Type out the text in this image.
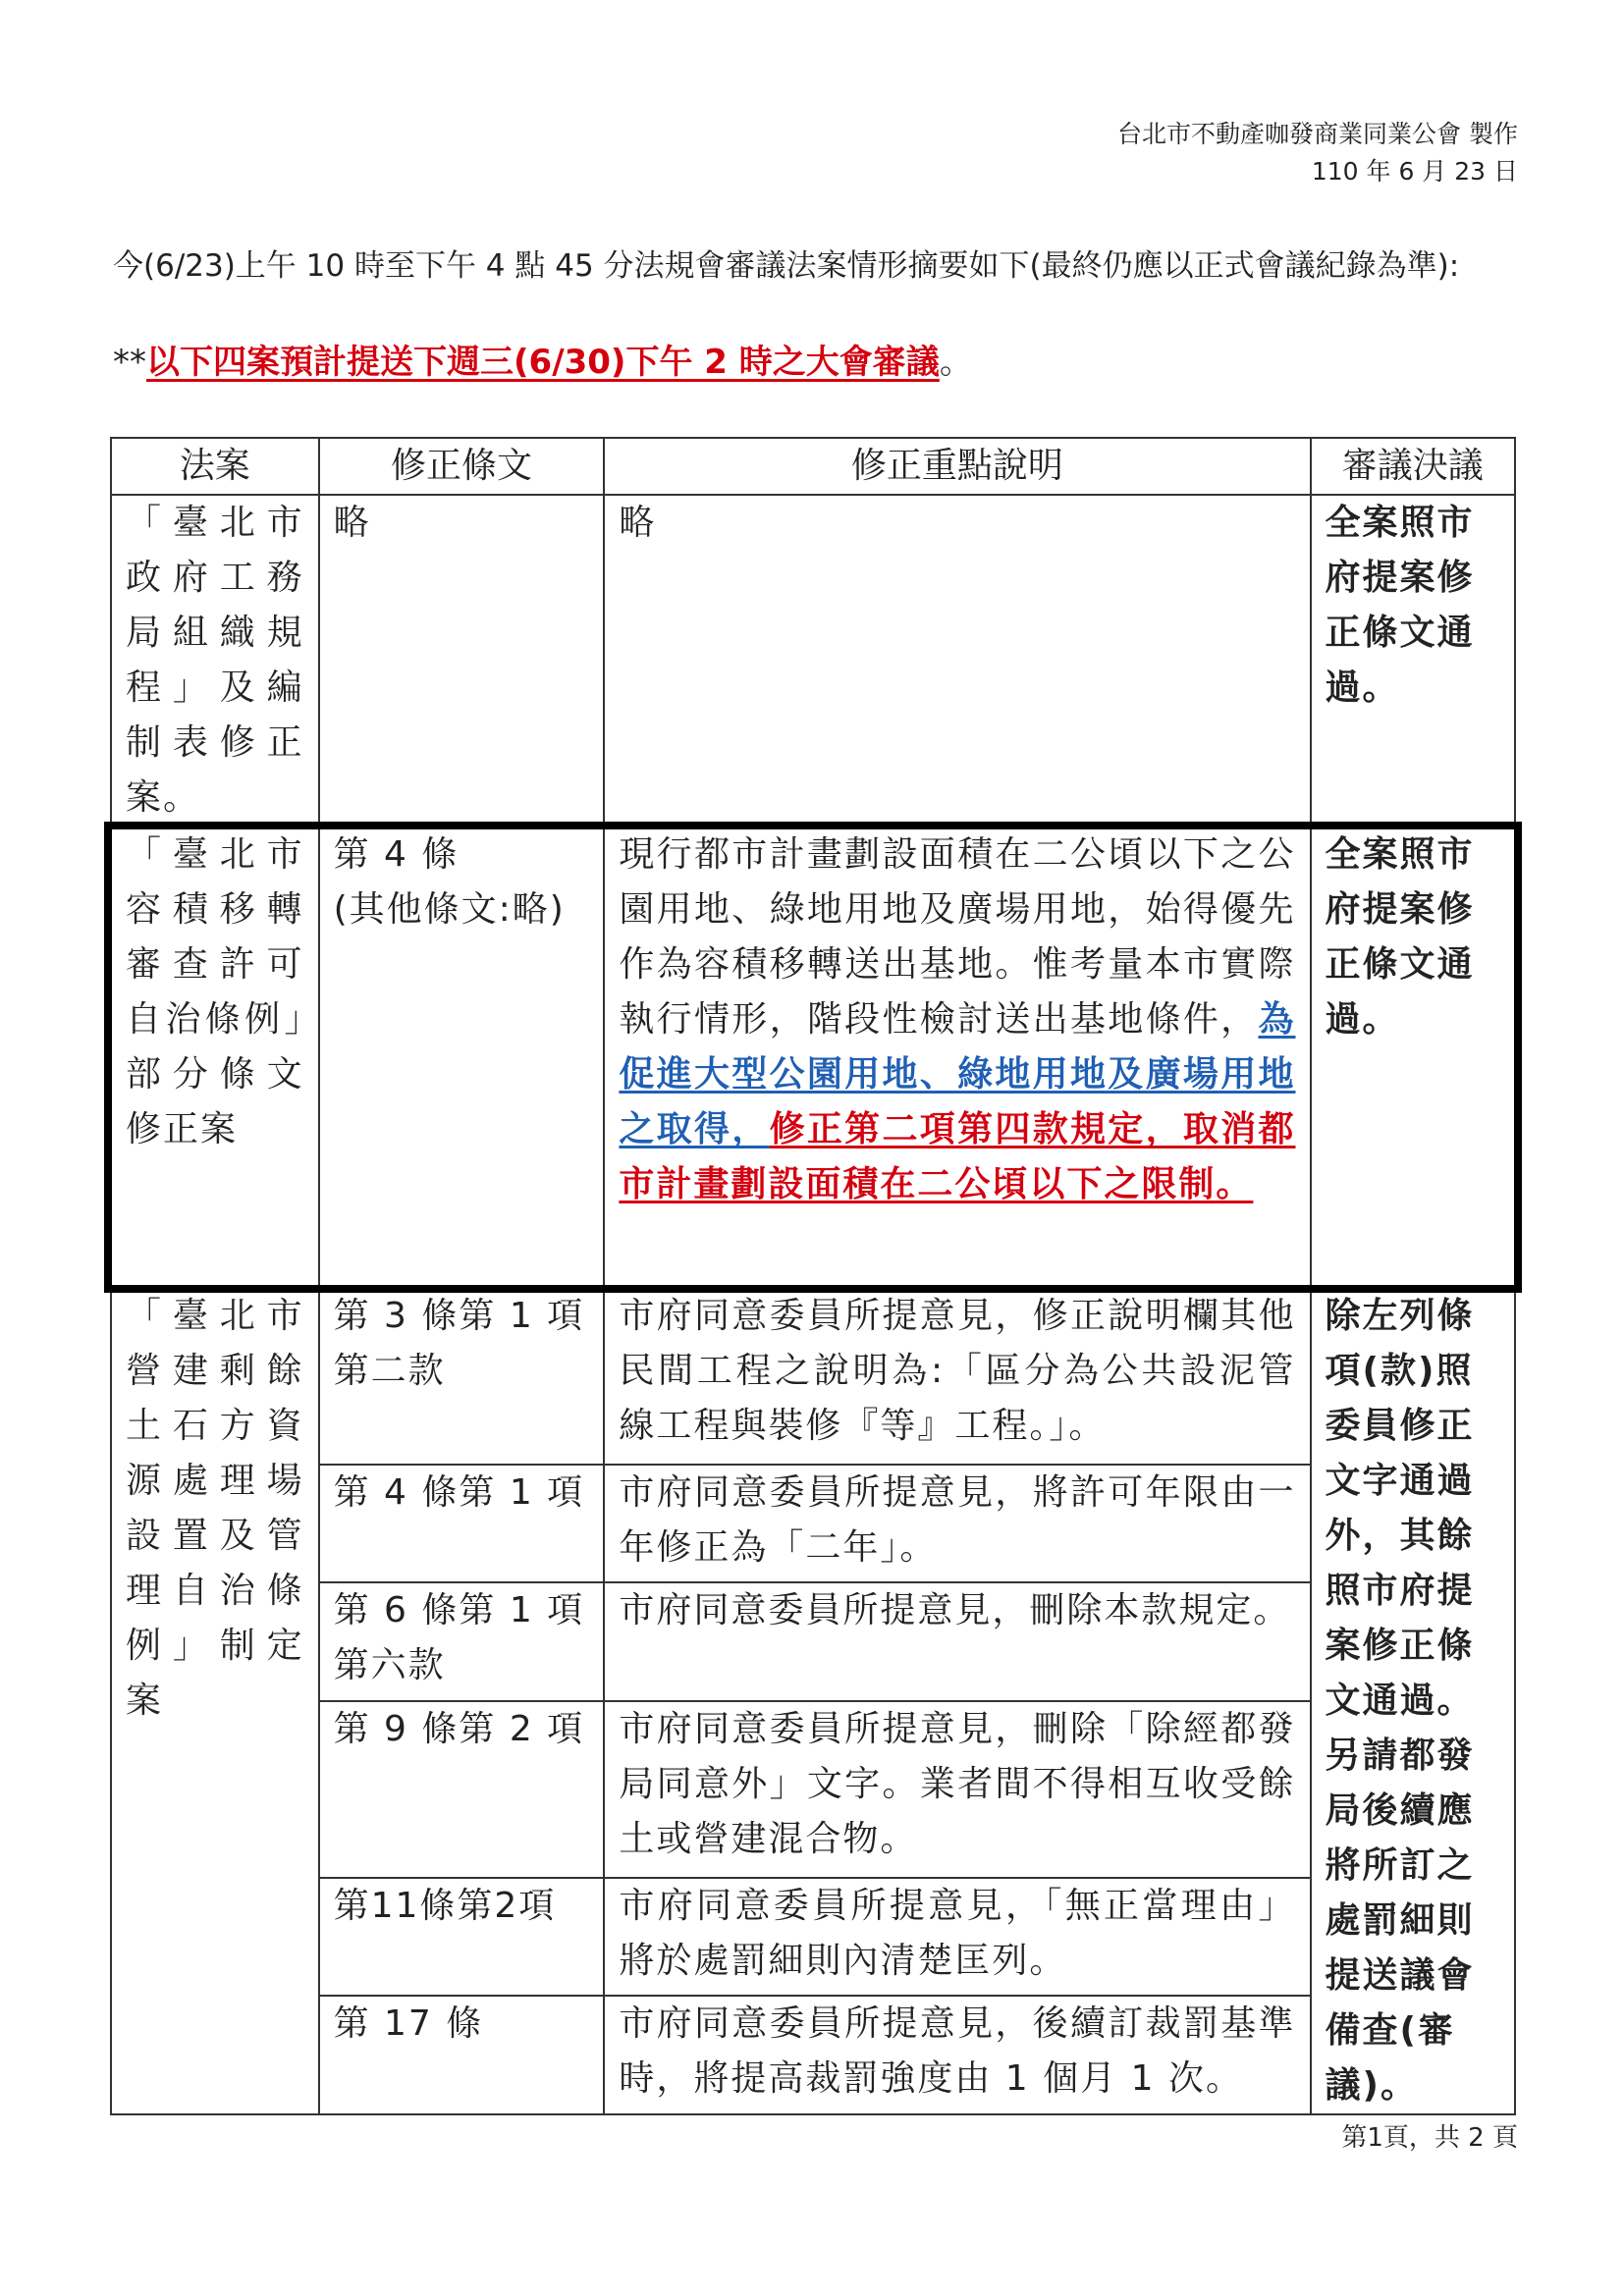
台北市不動產咖發商業同業公會 製作
110 年 6 月 23 日
今(6/23)上午 10 時至下午 4 點 45 分法規會審議法案情形摘要如下(最終仍應以正式會議紀錄為準):
**以下四案預計提送下週三(6/30)下午 2 時之大會審議。
法案	修正條文	修正重點說明	審議決議
「臺北市政府工務局組織規程」及編制表修正案。	略	略	全案照市府提案修正條文通過。
「臺北市容積移轉審查許可自治條例」部分條文修正案	第 4 條
(其他條文:略)	現行都市計畫劃設面積在二公頃以下之公園用地、綠地用地及廣場用地，始得優先作為容積移轉送出基地。惟考量本市實際執行情形，階段性檢討送出基地條件，為促進大型公園用地、綠地用地及廣場用地之取得，修正第二項第四款規定，取消都市計畫劃設面積在二公頃以下之限制。	全案照市府提案修正條文通過。
「臺北市營建剩餘土石方資源處理場設置及管理自治條例」制定案	第 3 條第 1 項第二款	市府同意委員所提意見，修正說明欄其他民間工程之說明為:「區分為公共設泥管線工程與裝修『等』工程。」。	除左列條項(款)照委員修正文字通過外，其餘照市府提案修正條文通過。另請都發局後續應將所訂之處罰細則提送議會備查(審議)。
	第 4 條第 1 項	市府同意委員所提意見，將許可年限由一年修正為「二年」。	
	第 6 條第 1 項第六款	市府同意委員所提意見，刪除本款規定。	
	第 9 條第 2 項	市府同意委員所提意見，刪除「除經都發局同意外」文字。業者間不得相互收受餘土或營建混合物。	
	第11條第2項	市府同意委員所提意見，「無正當理由」將於處罰細則內清楚匡列。	
	第 17 條	市府同意委員所提意見，後續訂裁罰基準時，將提高裁罰強度由 1 個月 1 次。	
第1頁，共 2 頁
